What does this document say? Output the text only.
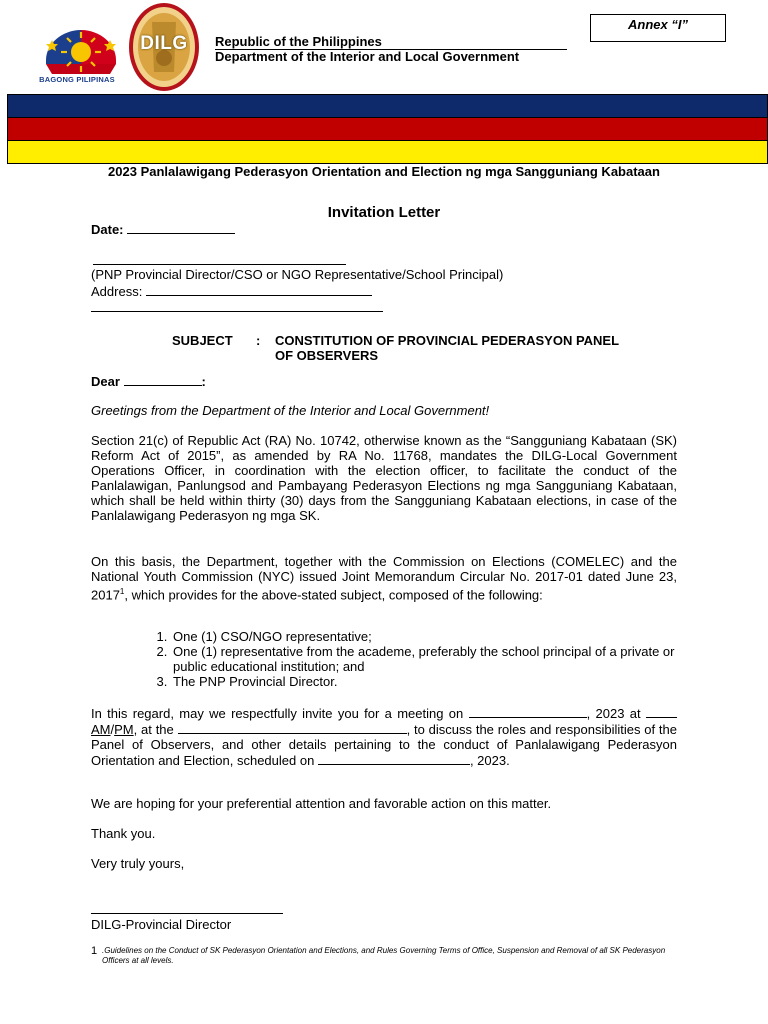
BAGONG PILIPINAS
DILG	Republic of the Philippines
Department of the Interior and Local Government
Annex “I”
2023 Panlalawigang Pederasyon Orientation and Election ng mga Sangguniang Kabataan
Invitation Letter
Date:
(PNP Provincial Director/CSO or NGO Representative/School Principal)
Address:
SUBJECT : CONSTITUTION OF PROVINCIAL PEDERASYON PANEL
OF OBSERVERS
Dear	:
Greetings from the Department of the Interior and Local Government!
Section 21(c) of Republic Act (RA) No. 10742, otherwise known as the “Sangguniang Kabataan (SK) Reform Act of 2015”, as amended by RA No. 11768, mandates the DILG-Local Government Operations Officer, in coordination with the election officer, to facilitate the conduct of the Panlalawigan, Panlungsod and Pambayang Pederasyon Elections ng mga Sangguniang Kabataan, which shall be held within thirty (30) days from the Sangguniang Kabataan elections, in case of the Panlalawigang Pederasyon ng mga SK.
On this basis, the Department, together with the Commission on Elections (COMELEC) and the National Youth Commission (NYC) issued Joint Memorandum Circular No. 2017-01 dated June 23, 2017$^1$, which provides for the above-stated subject, composed of the following:
1. One (1) CSO/NGO representative;
2. One (1) representative from the academe, preferably the school principal of a private or public educational institution; and
3. The PNP Provincial Director.
In this regard, may we respectfully invite you for a meeting on	, 2023 at  AM/PM, at the	, to discuss the roles and responsibilities of the Panel of Observers, and other details pertaining to the conduct of Panlalawigang Pederasyon Orientation and Election, scheduled on	, 2023.
We are hoping for your preferential attention and favorable action on this matter.
Thank you.
Very truly yours,
DILG-Provincial Director
1 .Guidelines on the Conduct of SK Pederasyon Orientation and Elections, and Rules Governing Terms of Office, Suspension and Removal of all SK Pederasyon Officers at all levels.
